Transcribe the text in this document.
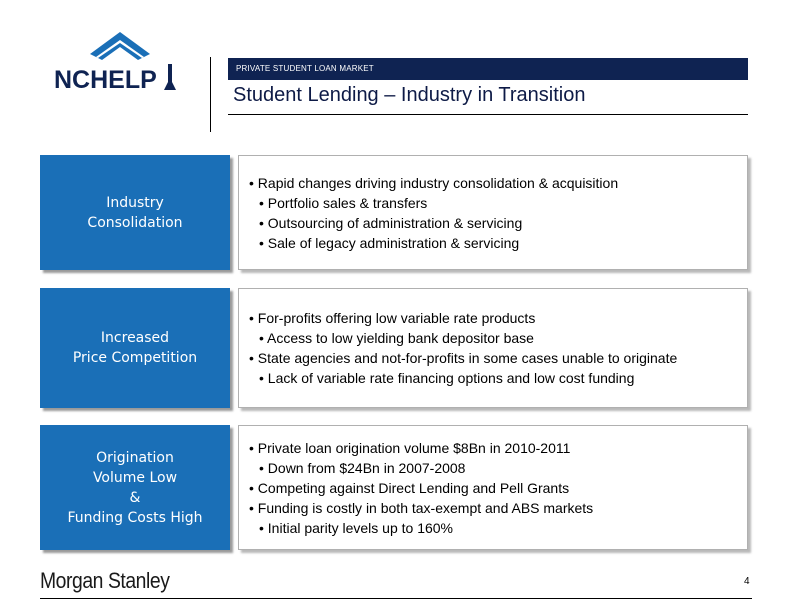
NCHELP	PRIVATE STUDENT LOAN MARKET
Student Lending – Industry in Transition
Industry
Consolidation
• Rapid changes driving industry consolidation & acquisition
• Portfolio sales & transfers
• Outsourcing of administration & servicing
• Sale of legacy administration & servicing
Increased
Price Competition
• For-profits offering low variable rate products
• Access to low yielding bank depositor base
• State agencies and not-for-profits in some cases unable to originate
• Lack of variable rate financing options and low cost funding
Origination
Volume Low
&
Funding Costs High
• Private loan origination volume $8Bn in 2010-2011
• Down from $24Bn in 2007-2008
• Competing against Direct Lending and Pell Grants
• Funding is costly in both tax-exempt and ABS markets
• Initial parity levels up to 160%
Morgan Stanley	4
